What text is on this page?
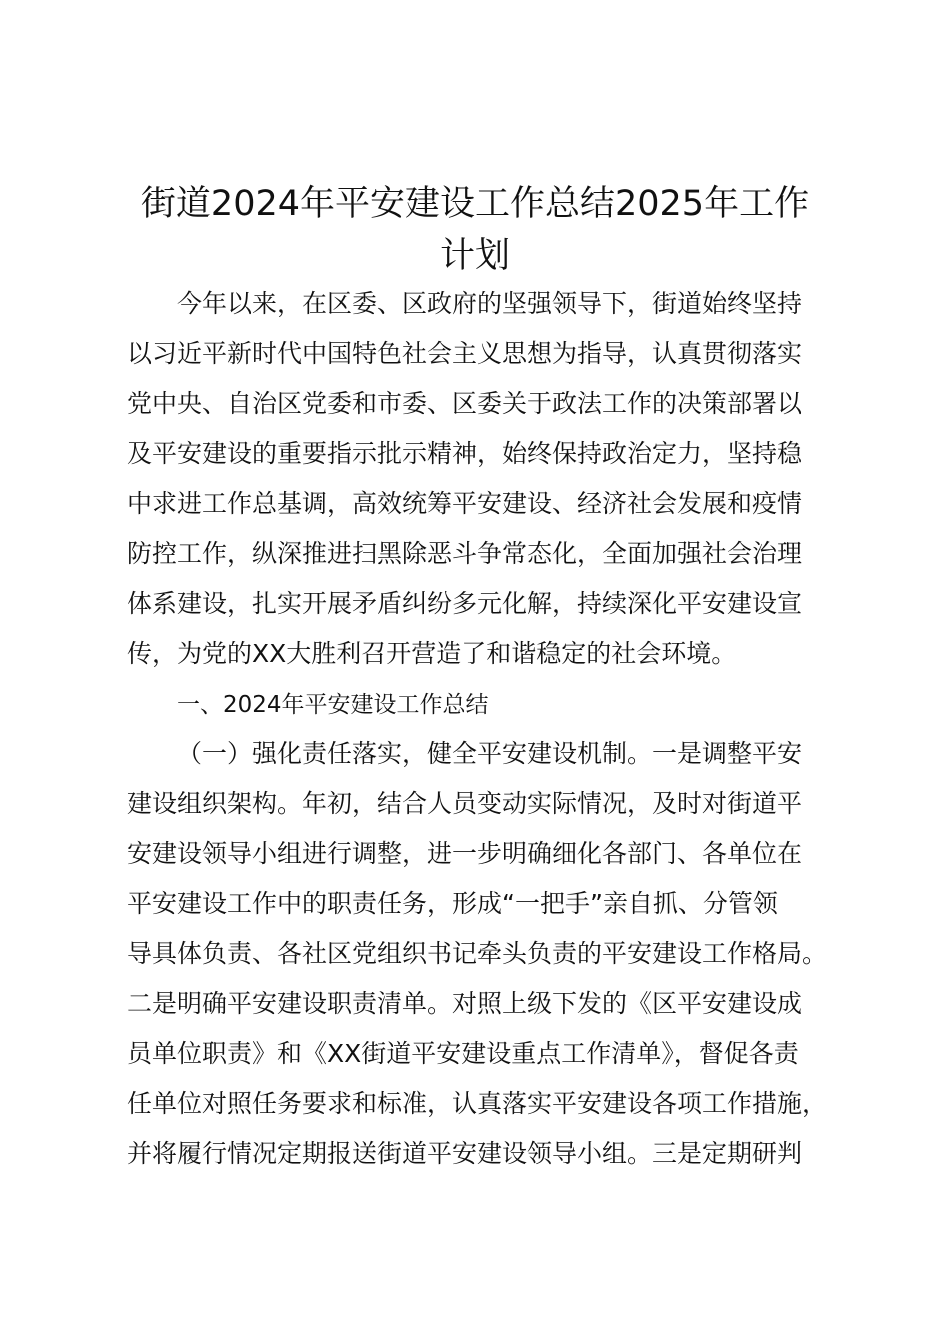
街道2024年平安建设工作总结2025年工作
计划

今年以来，在区委、区政府的坚强领导下，街道始终坚持

以习近平新时代中国特色社会主义思想为指导，认真贯彻落实

党中央、自治区党委和市委、区委关于政法工作的决策部署以

及平安建设的重要指示批示精神，始终保持政治定力，坚持稳

中求进工作总基调，高效统筹平安建设、经济社会发展和疫情

防控工作，纵深推进扫黑除恶斗争常态化，全面加强社会治理

体系建设，扎实开展矛盾纠纷多元化解，持续深化平安建设宣

传，为党的XX大胜利召开营造了和谐稳定的社会环境。

一、2024年平安建设工作总结

（一）强化责任落实，健全平安建设机制。一是调整平安

建设组织架构。年初，结合人员变动实际情况，及时对街道平

安建设领导小组进行调整，进一步明确细化各部门、各单位在

平安建设工作中的职责任务，形成“一把手”亲自抓、分管领

导具体负责、各社区党组织书记牵头负责的平安建设工作格局。

二是明确平安建设职责清单。对照上级下发的《区平安建设成

员单位职责》和《XX街道平安建设重点工作清单》，督促各责

任单位对照任务要求和标准，认真落实平安建设各项工作措施，

并将履行情况定期报送街道平安建设领导小组。三是定期研判
